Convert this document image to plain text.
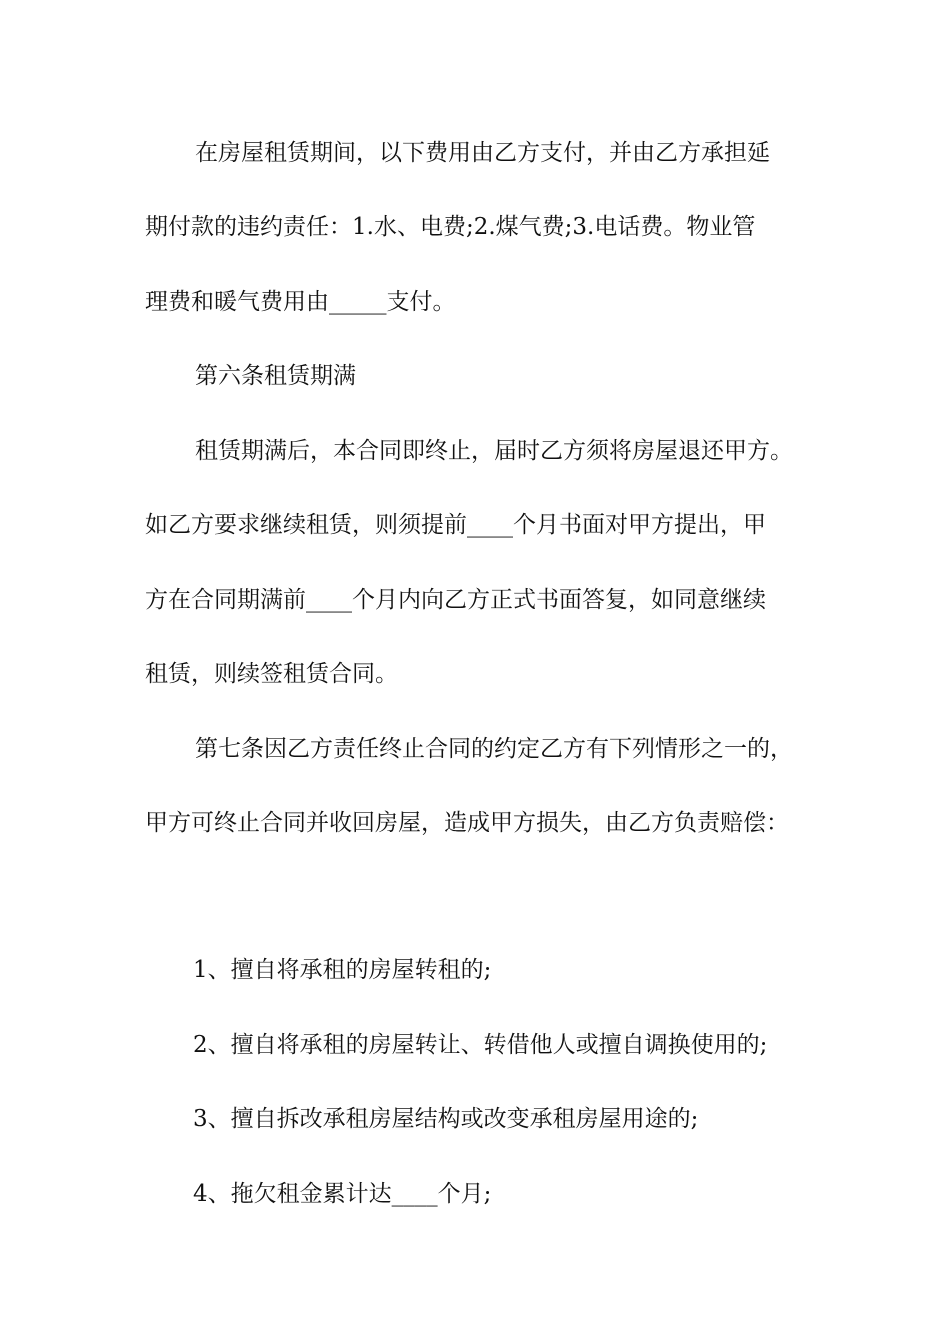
在房屋租赁期间，以下费用由乙方支付，并由乙方承担延
期付款的违约责任：1.水、电费;2.煤气费;3.电话费。物业管
理费和暖气费用由_____支付。
第六条租赁期满
租赁期满后，本合同即终止，届时乙方须将房屋退还甲方。
如乙方要求继续租赁，则须提前____个月书面对甲方提出，甲
方在合同期满前____个月内向乙方正式书面答复，如同意继续
租赁，则续签租赁合同。
第七条因乙方责任终止合同的约定乙方有下列情形之一的，
甲方可终止合同并收回房屋，造成甲方损失，由乙方负责赔偿：
1、擅自将承租的房屋转租的;
2、擅自将承租的房屋转让、转借他人或擅自调换使用的;
3、擅自拆改承租房屋结构或改变承租房屋用途的;
4、拖欠租金累计达____个月;
